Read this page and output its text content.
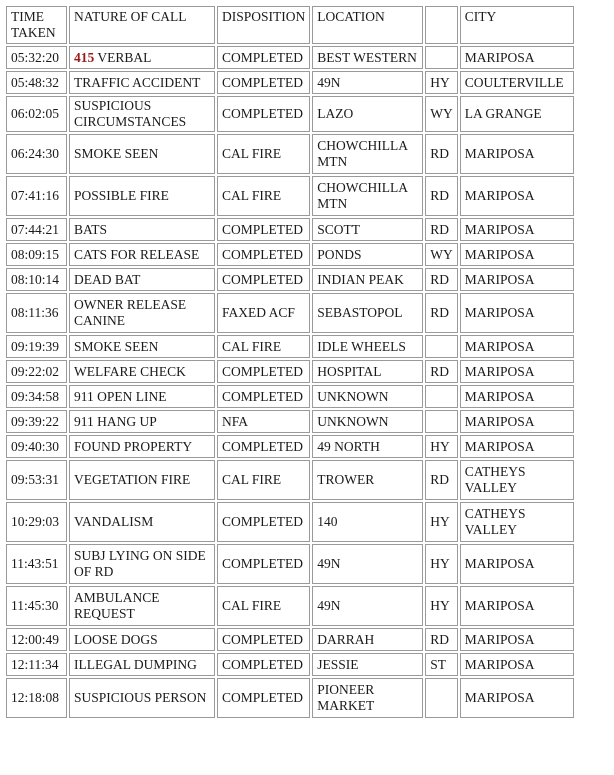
TIME TAKEN	NATURE OF CALL	DISPOSITION	LOCATION		CITY
05:32:20	415 VERBAL	COMPLETED	BEST WESTERN		MARIPOSA
05:48:32	TRAFFIC ACCIDENT	COMPLETED	49N	HY	COULTERVILLE
06:02:05	SUSPICIOUS CIRCUMSTANCES	COMPLETED	LAZO	WY	LA GRANGE
06:24:30	SMOKE SEEN	CAL FIRE	CHOWCHILLA MTN	RD	MARIPOSA
07:41:16	POSSIBLE FIRE	CAL FIRE	CHOWCHILLA MTN	RD	MARIPOSA
07:44:21	BATS	COMPLETED	SCOTT	RD	MARIPOSA
08:09:15	CATS FOR RELEASE	COMPLETED	PONDS	WY	MARIPOSA
08:10:14	DEAD BAT	COMPLETED	INDIAN PEAK	RD	MARIPOSA
08:11:36	OWNER RELEASE CANINE	FAXED ACF	SEBASTOPOL	RD	MARIPOSA
09:19:39	SMOKE SEEN	CAL FIRE	IDLE WHEELS		MARIPOSA
09:22:02	WELFARE CHECK	COMPLETED	HOSPITAL	RD	MARIPOSA
09:34:58	911 OPEN LINE	COMPLETED	UNKNOWN		MARIPOSA
09:39:22	911 HANG UP	NFA	UNKNOWN		MARIPOSA
09:40:30	FOUND PROPERTY	COMPLETED	49 NORTH	HY	MARIPOSA
09:53:31	VEGETATION FIRE	CAL FIRE	TROWER	RD	CATHEYS VALLEY
10:29:03	VANDALISM	COMPLETED	140	HY	CATHEYS VALLEY
11:43:51	SUBJ LYING ON SIDE OF RD	COMPLETED	49N	HY	MARIPOSA
11:45:30	AMBULANCE REQUEST	CAL FIRE	49N	HY	MARIPOSA
12:00:49	LOOSE DOGS	COMPLETED	DARRAH	RD	MARIPOSA
12:11:34	ILLEGAL DUMPING	COMPLETED	JESSIE	ST	MARIPOSA
12:18:08	SUSPICIOUS PERSON	COMPLETED	PIONEER MARKET		MARIPOSA
